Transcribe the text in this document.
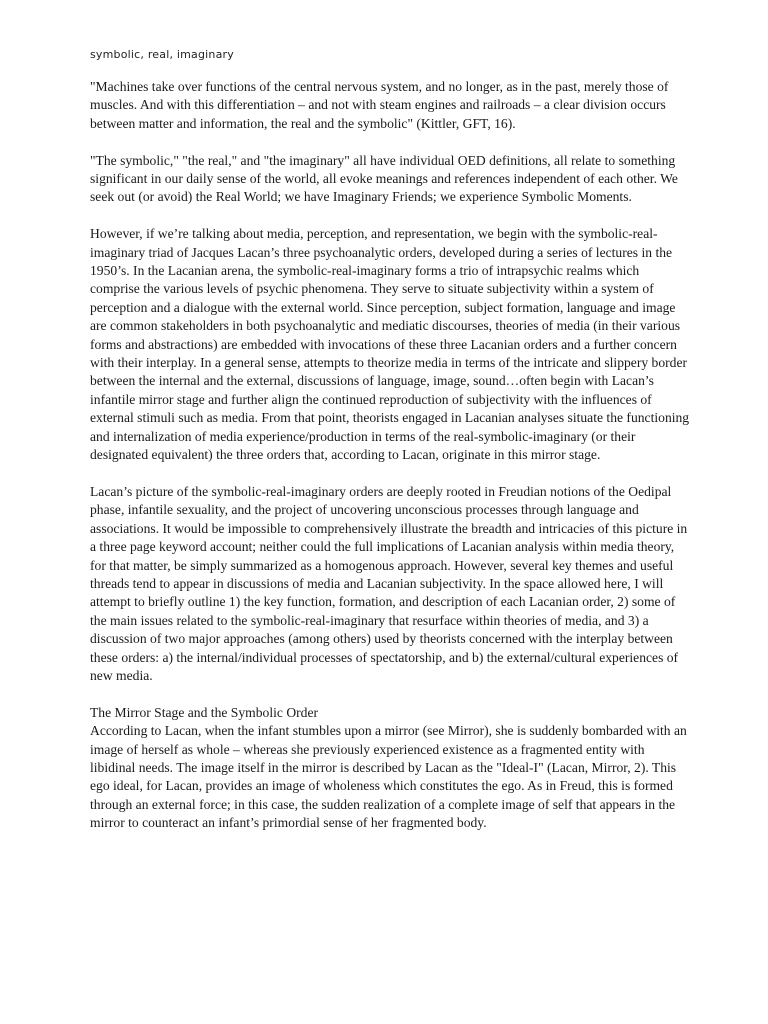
symbolic, real, imaginary

"Machines take over functions of the central nervous system, and no longer, as in the past, merely those of muscles. And with this differentiation – and not with steam engines and railroads – a clear division occurs between matter and information, the real and the symbolic" (Kittler, GFT, 16).

"The symbolic," "the real," and "the imaginary" all have individual OED definitions, all relate to something significant in our daily sense of the world, all evoke meanings and references independent of each other. We seek out (or avoid) the Real World; we have Imaginary Friends; we experience Symbolic Moments.

However, if we’re talking about media, perception, and representation, we begin with the symbolic-real-imaginary triad of Jacques Lacan’s three psychoanalytic orders, developed during a series of lectures in the 1950’s. In the Lacanian arena, the symbolic-real-imaginary forms a trio of intrapsychic realms which comprise the various levels of psychic phenomena. They serve to situate subjectivity within a system of perception and a dialogue with the external world. Since perception, subject formation, language and image are common stakeholders in both psychoanalytic and mediatic discourses, theories of media (in their various forms and abstractions) are embedded with invocations of these three Lacanian orders and a further concern with their interplay. In a general sense, attempts to theorize media in terms of the intricate and slippery border between the internal and the external, discussions of language, image, sound…often begin with Lacan’s infantile mirror stage and further align the continued reproduction of subjectivity with the influences of external stimuli such as media. From that point, theorists engaged in Lacanian analyses situate the functioning and internalization of media experience/production in terms of the real-symbolic-imaginary (or their designated equivalent) the three orders that, according to Lacan, originate in this mirror stage.

Lacan’s picture of the symbolic-real-imaginary orders are deeply rooted in Freudian notions of the Oedipal phase, infantile sexuality, and the project of uncovering unconscious processes through language and associations. It would be impossible to comprehensively illustrate the breadth and intricacies of this picture in a three page keyword account; neither could the full implications of Lacanian analysis within media theory, for that matter, be simply summarized as a homogenous approach. However, several key themes and useful threads tend to appear in discussions of media and Lacanian subjectivity. In the space allowed here, I will attempt to briefly outline 1) the key function, formation, and description of each Lacanian order, 2) some of the main issues related to the symbolic-real-imaginary that resurface within theories of media, and 3) a discussion of two major approaches (among others) used by theorists concerned with the interplay between these orders: a) the internal/individual processes of spectatorship, and b) the external/cultural experiences of new media.

The Mirror Stage and the Symbolic Order

According to Lacan, when the infant stumbles upon a mirror (see Mirror), she is suddenly bombarded with an image of herself as whole – whereas she previously experienced existence as a fragmented entity with libidinal needs. The image itself in the mirror is described by Lacan as the "Ideal-I" (Lacan, Mirror, 2). This ego ideal, for Lacan, provides an image of wholeness which constitutes the ego. As in Freud, this is formed through an external force; in this case, the sudden realization of a complete image of self that appears in the mirror to counteract an infant’s primordial sense of her fragmented body.
